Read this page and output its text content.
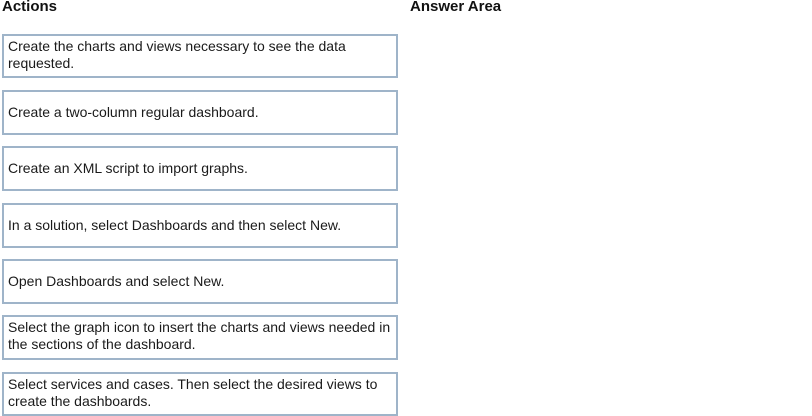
Actions	Answer Area
Create the charts and views necessary to see the data requested.
Create a two-column regular dashboard.
Create an XML script to import graphs.
In a solution, select Dashboards and then select New.
Open Dashboards and select New.
Select the graph icon to insert the charts and views needed in the sections of the dashboard.
Select services and cases. Then select the desired views to create the dashboards.
